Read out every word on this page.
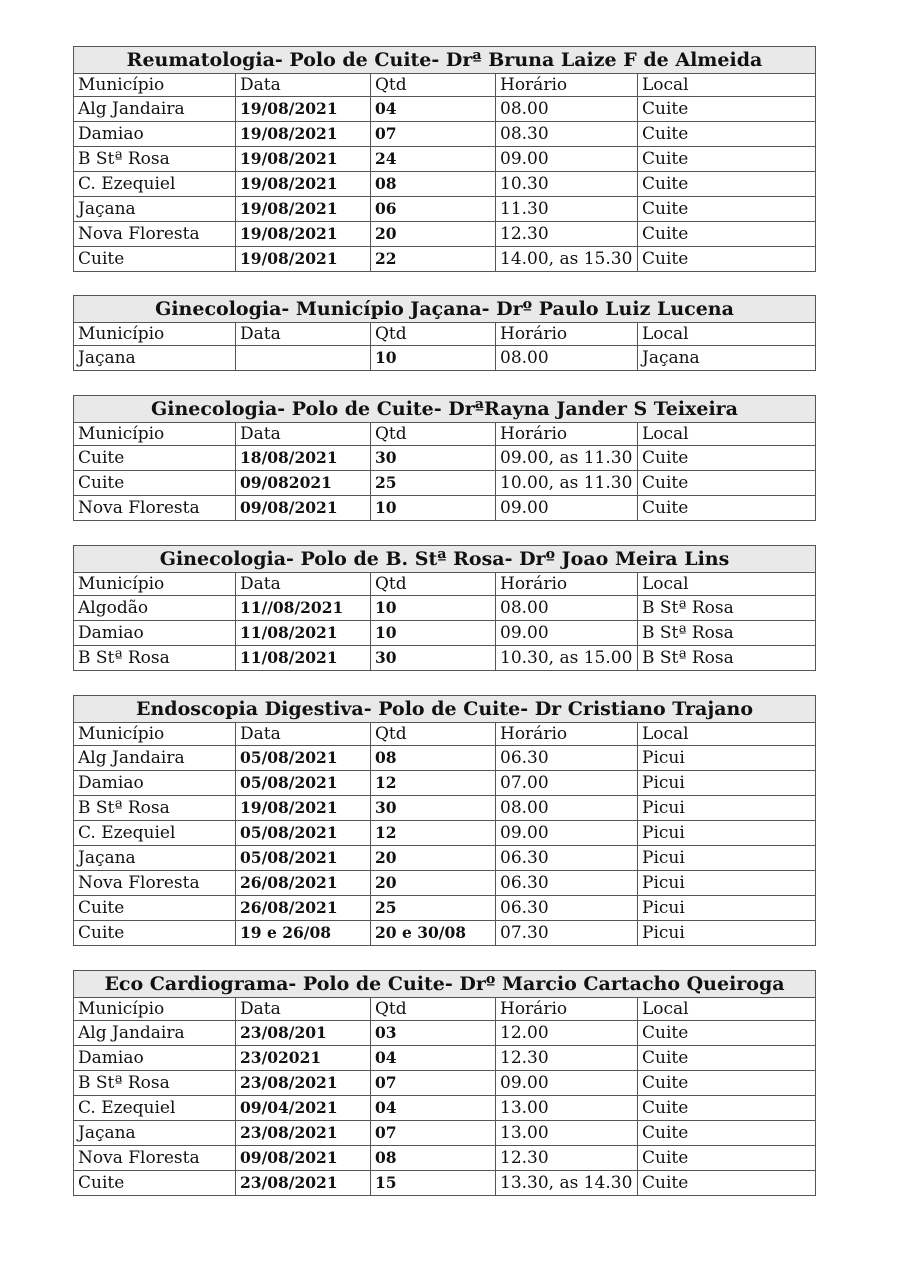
Reumatologia- Polo de Cuite- Drª Bruna Laize F de Almeida				
Município	Data	Qtd	Horário	Local
Alg Jandaira	19/08/2021	04	08.00	Cuite
Damiao	19/08/2021	07	08.30	Cuite
B Stª Rosa	19/08/2021	24	09.00	Cuite
C. Ezequiel	19/08/2021	08	10.30	Cuite
Jaçana	19/08/2021	06	11.30	Cuite
Nova Floresta	19/08/2021	20	12.30	Cuite
Cuite	19/08/2021	22	14.00, as 15.30	Cuite
Ginecologia- Município Jaçana- Drº Paulo Luiz Lucena				
Município	Data	Qtd	Horário	Local
Jaçana		10	08.00	Jaçana
Ginecologia- Polo de Cuite- DrªRayna Jander S Teixeira				
Município	Data	Qtd	Horário	Local
Cuite	18/08/2021	30	09.00, as 11.30	Cuite
Cuite	09/082021	25	10.00, as 11.30	Cuite
Nova Floresta	09/08/2021	10	09.00	Cuite
Ginecologia- Polo de B. Stª Rosa- Drº Joao Meira Lins				
Município	Data	Qtd	Horário	Local
Algodão	11//08/2021	10	08.00	B Stª Rosa
Damiao	11/08/2021	10	09.00	B Stª Rosa
B Stª Rosa	11/08/2021	30	10.30, as 15.00	B Stª Rosa
Endoscopia Digestiva- Polo de Cuite- Dr Cristiano Trajano				
Município	Data	Qtd	Horário	Local
Alg Jandaira	05/08/2021	08	06.30	Picui
Damiao	05/08/2021	12	07.00	Picui
B Stª Rosa	19/08/2021	30	08.00	Picui
C. Ezequiel	05/08/2021	12	09.00	Picui
Jaçana	05/08/2021	20	06.30	Picui
Nova Floresta	26/08/2021	20	06.30	Picui
Cuite	26/08/2021	25	06.30	Picui
Cuite	19 e 26/08	20 e 30/08	07.30	Picui
Eco Cardiograma- Polo de Cuite- Drº Marcio Cartacho Queiroga				
Município	Data	Qtd	Horário	Local
Alg Jandaira	23/08/201	03	12.00	Cuite
Damiao	23/02021	04	12.30	Cuite
B Stª Rosa	23/08/2021	07	09.00	Cuite
C. Ezequiel	09/04/2021	04	13.00	Cuite
Jaçana	23/08/2021	07	13.00	Cuite
Nova Floresta	09/08/2021	08	12.30	Cuite
Cuite	23/08/2021	15	13.30, as 14.30	Cuite
